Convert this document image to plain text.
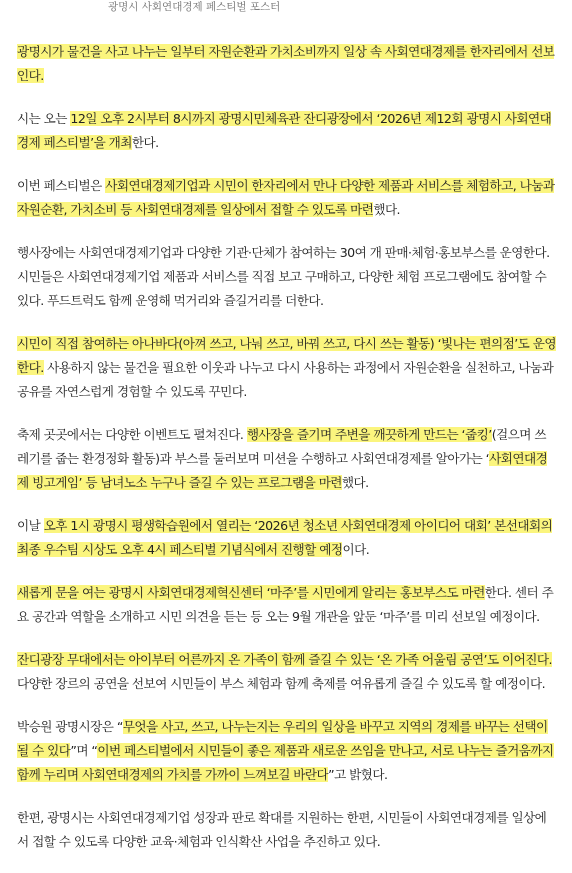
광명시 사회연대경제 페스티벌 포스터

광명시가 물건을 사고 나누는 일부터 자원순환과 가치소비까지 일상 속 사회연대경제를 한자리에서 선보인다.

시는 오는 12일 오후 2시부터 8시까지 광명시민체육관 잔디광장에서 ‘2026년 제12회 광명시 사회연대경제 페스티벌’을 개최한다.

이번 페스티벌은 사회연대경제기업과 시민이 한자리에서 만나 다양한 제품과 서비스를 체험하고, 나눔과 자원순환, 가치소비 등 사회연대경제를 일상에서 접할 수 있도록 마련했다.

행사장에는 사회연대경제기업과 다양한 기관·단체가 참여하는 30여 개 판매·체험·홍보부스를 운영한다. 시민들은 사회연대경제기업 제품과 서비스를 직접 보고 구매하고, 다양한 체험 프로그램에도 참여할 수 있다. 푸드트럭도 함께 운영해 먹거리와 즐길거리를 더한다.

시민이 직접 참여하는 아나바다(아껴 쓰고, 나눠 쓰고, 바꿔 쓰고, 다시 쓰는 활동) ‘빛나는 편의점’도 운영한다. 사용하지 않는 물건을 필요한 이웃과 나누고 다시 사용하는 과정에서 자원순환을 실천하고, 나눔과 공유를 자연스럽게 경험할 수 있도록 꾸민다.

축제 곳곳에서는 다양한 이벤트도 펼쳐진다. 행사장을 즐기며 주변을 깨끗하게 만드는 ‘줍킹’(걸으며 쓰레기를 줍는 환경정화 활동)과 부스를 둘러보며 미션을 수행하고 사회연대경제를 알아가는 ‘사회연대경제 빙고게임’ 등 남녀노소 누구나 즐길 수 있는 프로그램을 마련했다.

이날 오후 1시 광명시 평생학습원에서 열리는 ‘2026년 청소년 사회연대경제 아이디어 대회’ 본선대회의 최종 우수팀 시상도 오후 4시 페스티벌 기념식에서 진행할 예정이다.

새롭게 문을 여는 광명시 사회연대경제혁신센터 ‘마주’를 시민에게 알리는 홍보부스도 마련한다. 센터 주요 공간과 역할을 소개하고 시민 의견을 듣는 등 오는 9월 개관을 앞둔 ‘마주’를 미리 선보일 예정이다.

잔디광장 무대에서는 아이부터 어른까지 온 가족이 함께 즐길 수 있는 ‘온 가족 어울림 공연’도 이어진다. 다양한 장르의 공연을 선보여 시민들이 부스 체험과 함께 축제를 여유롭게 즐길 수 있도록 할 예정이다.

박승원 광명시장은 “무엇을 사고, 쓰고, 나누는지는 우리의 일상을 바꾸고 지역의 경제를 바꾸는 선택이 될 수 있다”며 “이번 페스티벌에서 시민들이 좋은 제품과 새로운 쓰임을 만나고, 서로 나누는 즐거움까지 함께 누리며 사회연대경제의 가치를 가까이 느껴보길 바란다”고 밝혔다.

한편, 광명시는 사회연대경제기업 성장과 판로 확대를 지원하는 한편, 시민들이 사회연대경제를 일상에서 접할 수 있도록 다양한 교육·체험과 인식확산 사업을 추진하고 있다.
